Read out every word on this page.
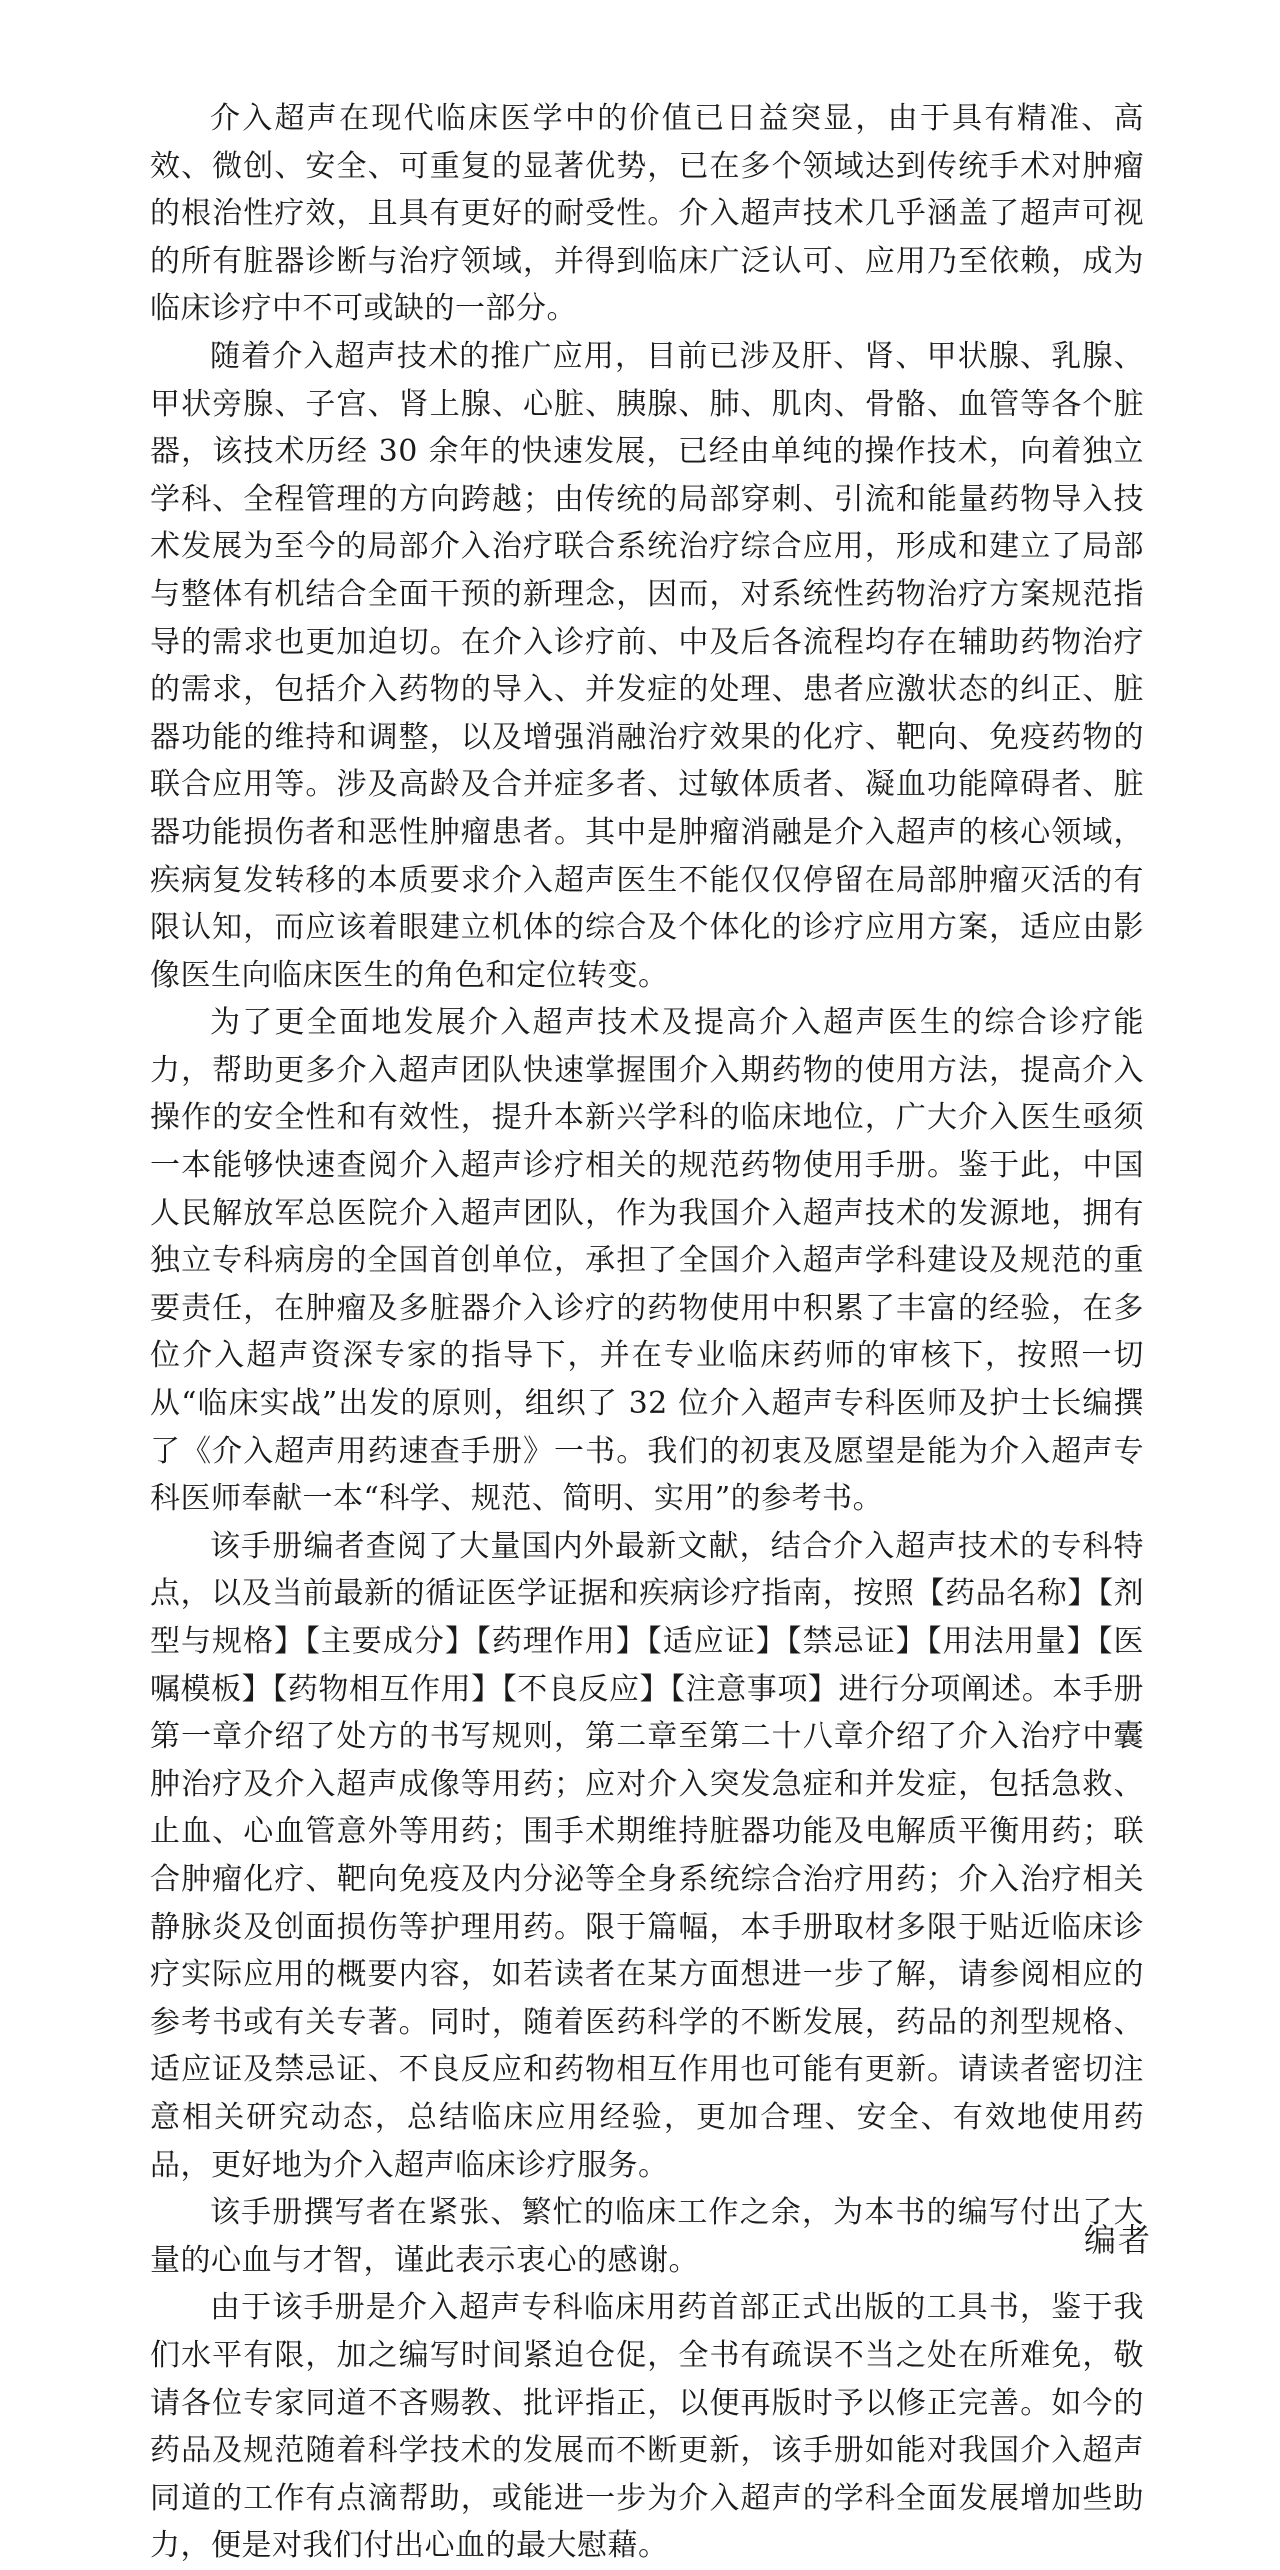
介入超声在现代临床医学中的价值已日益突显，由于具有精准、高效、微创、安全、可重复的显著优势，已在多个领域达到传统手术对肿瘤的根治性疗效，且具有更好的耐受性。介入超声技术几乎涵盖了超声可视的所有脏器诊断与治疗领域，并得到临床广泛认可、应用乃至依赖，成为临床诊疗中不可或缺的一部分。

随着介入超声技术的推广应用，目前已涉及肝、肾、甲状腺、乳腺、甲状旁腺、子宫、肾上腺、心脏、胰腺、肺、肌肉、骨骼、血管等各个脏器，该技术历经 30 余年的快速发展，已经由单纯的操作技术，向着独立学科、全程管理的方向跨越；由传统的局部穿刺、引流和能量药物导入技术发展为至今的局部介入治疗联合系统治疗综合应用，形成和建立了局部与整体有机结合全面干预的新理念，因而，对系统性药物治疗方案规范指导的需求也更加迫切。在介入诊疗前、中及后各流程均存在辅助药物治疗的需求，包括介入药物的导入、并发症的处理、患者应激状态的纠正、脏器功能的维持和调整，以及增强消融治疗效果的化疗、靶向、免疫药物的联合应用等。涉及高龄及合并症多者、过敏体质者、凝血功能障碍者、脏器功能损伤者和恶性肿瘤患者。其中是肿瘤消融是介入超声的核心领域，疾病复发转移的本质要求介入超声医生不能仅仅停留在局部肿瘤灭活的有限认知，而应该着眼建立机体的综合及个体化的诊疗应用方案，适应由影像医生向临床医生的角色和定位转变。

为了更全面地发展介入超声技术及提高介入超声医生的综合诊疗能力，帮助更多介入超声团队快速掌握围介入期药物的使用方法，提高介入操作的安全性和有效性，提升本新兴学科的临床地位，广大介入医生亟须一本能够快速查阅介入超声诊疗相关的规范药物使用手册。鉴于此，中国人民解放军总医院介入超声团队，作为我国介入超声技术的发源地，拥有独立专科病房的全国首创单位，承担了全国介入超声学科建设及规范的重要责任，在肿瘤及多脏器介入诊疗的药物使用中积累了丰富的经验，在多位介入超声资深专家的指导下，并在专业临床药师的审核下，按照一切从“临床实战”出发的原则，组织了 32 位介入超声专科医师及护士长编撰了《介入超声用药速查手册》一书。我们的初衷及愿望是能为介入超声专科医师奉献一本“科学、规范、简明、实用”的参考书。

该手册编者查阅了大量国内外最新文献，结合介入超声技术的专科特点，以及当前最新的循证医学证据和疾病诊疗指南，按照【药品名称】【剂型与规格】【主要成分】【药理作用】【适应证】【禁忌证】【用法用量】【医嘱模板】【药物相互作用】【不良反应】【注意事项】进行分项阐述。本手册第一章介绍了处方的书写规则，第二章至第二十八章介绍了介入治疗中囊肿治疗及介入超声成像等用药；应对介入突发急症和并发症，包括急救、止血、心血管意外等用药；围手术期维持脏器功能及电解质平衡用药；联合肿瘤化疗、靶向免疫及内分泌等全身系统综合治疗用药；介入治疗相关静脉炎及创面损伤等护理用药。限于篇幅，本手册取材多限于贴近临床诊疗实际应用的概要内容，如若读者在某方面想进一步了解，请参阅相应的参考书或有关专著。同时，随着医药科学的不断发展，药品的剂型规格、适应证及禁忌证、不良反应和药物相互作用也可能有更新。请读者密切注意相关研究动态，总结临床应用经验，更加合理、安全、有效地使用药品，更好地为介入超声临床诊疗服务。

该手册撰写者在紧张、繁忙的临床工作之余，为本书的编写付出了大量的心血与才智，谨此表示衷心的感谢。

由于该手册是介入超声专科临床用药首部正式出版的工具书，鉴于我们水平有限，加之编写时间紧迫仓促，全书有疏误不当之处在所难免，敬请各位专家同道不吝赐教、批评指正，以便再版时予以修正完善。如今的药品及规范随着科学技术的发展而不断更新，该手册如能对我国介入超声同道的工作有点滴帮助，或能进一步为介入超声的学科全面发展增加些助力，便是对我们付出心血的最大慰藉。

编者
